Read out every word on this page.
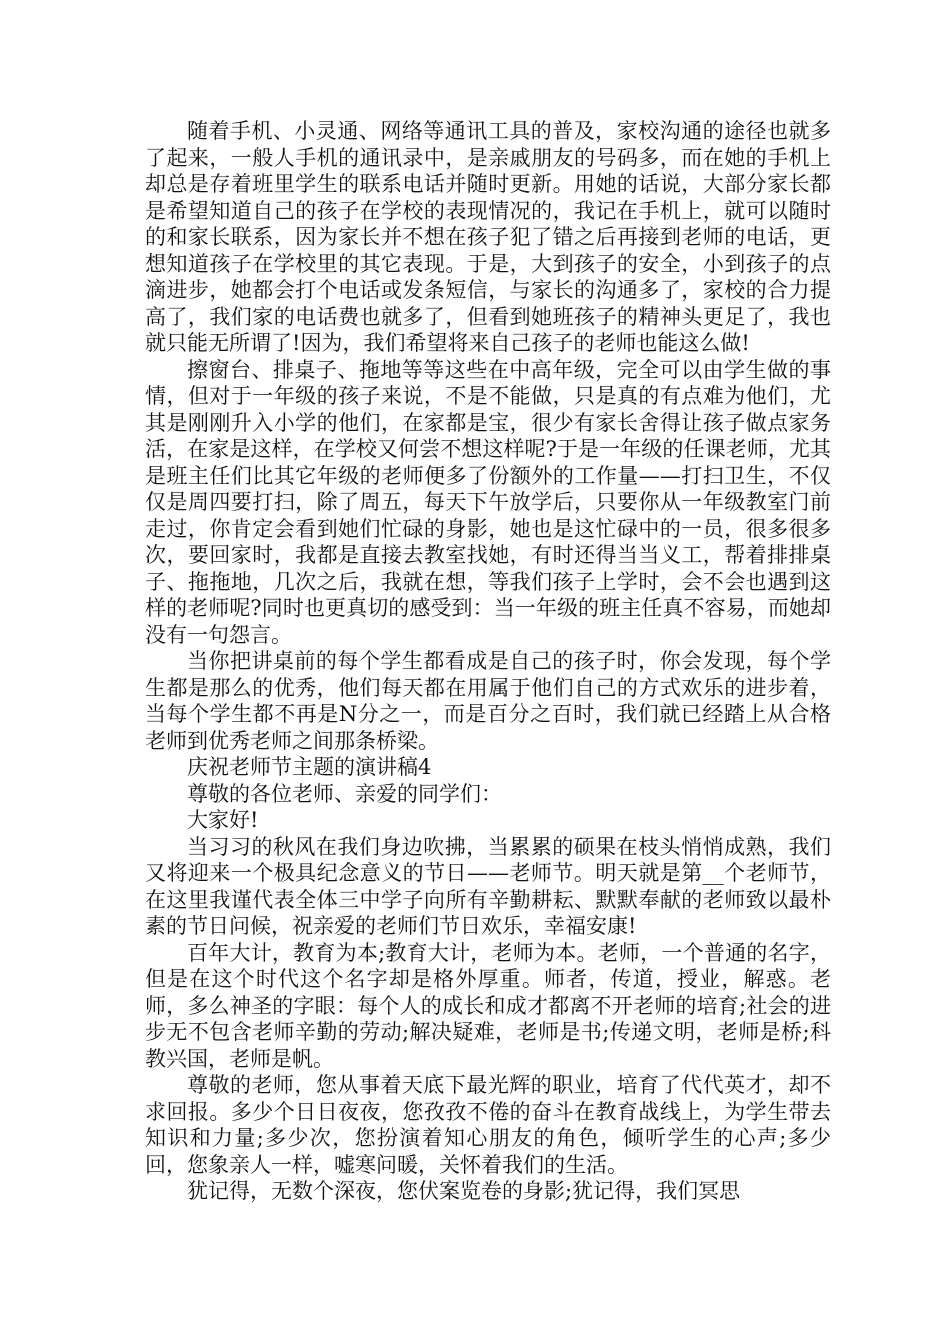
随着手机、小灵通、网络等通讯工具的普及，家校沟通的途径也就多了起来，一般人手机的通讯录中，是亲戚朋友的号码多，而在她的手机上却总是存着班里学生的联系电话并随时更新。用她的话说，大部分家长都是希望知道自己的孩子在学校的表现情况的，我记在手机上，就可以随时的和家长联系，因为家长并不想在孩子犯了错之后再接到老师的电话，更想知道孩子在学校里的其它表现。于是，大到孩子的安全，小到孩子的点滴进步，她都会打个电话或发条短信，与家长的沟通多了，家校的合力提高了，我们家的电话费也就多了，但看到她班孩子的精神头更足了，我也就只能无所谓了!因为，我们希望将来自己孩子的老师也能这么做!

擦窗台、排桌子、拖地等等这些在中高年级，完全可以由学生做的事情，但对于一年级的孩子来说，不是不能做，只是真的有点难为他们，尤其是刚刚升入小学的他们，在家都是宝，很少有家长舍得让孩子做点家务活，在家是这样，在学校又何尝不想这样呢?于是一年级的任课老师，尤其是班主任们比其它年级的老师便多了份额外的工作量——打扫卫生，不仅仅是周四要打扫，除了周五，每天下午放学后，只要你从一年级教室门前走过，你肯定会看到她们忙碌的身影，她也是这忙碌中的一员，很多很多次，要回家时，我都是直接去教室找她，有时还得当当义工，帮着排排桌子、拖拖地，几次之后，我就在想，等我们孩子上学时，会不会也遇到这样的老师呢?同时也更真切的感受到：当一年级的班主任真不容易，而她却没有一句怨言。

当你把讲桌前的每个学生都看成是自己的孩子时，你会发现，每个学生都是那么的优秀，他们每天都在用属于他们自己的方式欢乐的进步着，当每个学生都不再是N分之一，而是百分之百时，我们就已经踏上从合格老师到优秀老师之间那条桥梁。

庆祝老师节主题的演讲稿4

尊敬的各位老师、亲爱的同学们：

大家好!

当习习的秋风在我们身边吹拂，当累累的硕果在枝头悄悄成熟，我们又将迎来一个极具纪念意义的节日——老师节。明天就是第__个老师节，在这里我谨代表全体三中学子向所有辛勤耕耘、默默奉献的老师致以最朴素的节日问候，祝亲爱的老师们节日欢乐，幸福安康!

百年大计，教育为本;教育大计，老师为本。老师，一个普通的名字，但是在这个时代这个名字却是格外厚重。师者，传道，授业，解惑。老师，多么神圣的字眼：每个人的成长和成才都离不开老师的培育;社会的进步无不包含老师辛勤的劳动;解决疑难，老师是书;传递文明，老师是桥;科教兴国，老师是帆。

尊敬的老师，您从事着天底下最光辉的职业，培育了代代英才，却不求回报。多少个日日夜夜，您孜孜不倦的奋斗在教育战线上，为学生带去知识和力量;多少次，您扮演着知心朋友的角色，倾听学生的心声;多少回，您象亲人一样，嘘寒问暖，关怀着我们的生活。

犹记得，无数个深夜，您伏案览卷的身影;犹记得，我们冥思
